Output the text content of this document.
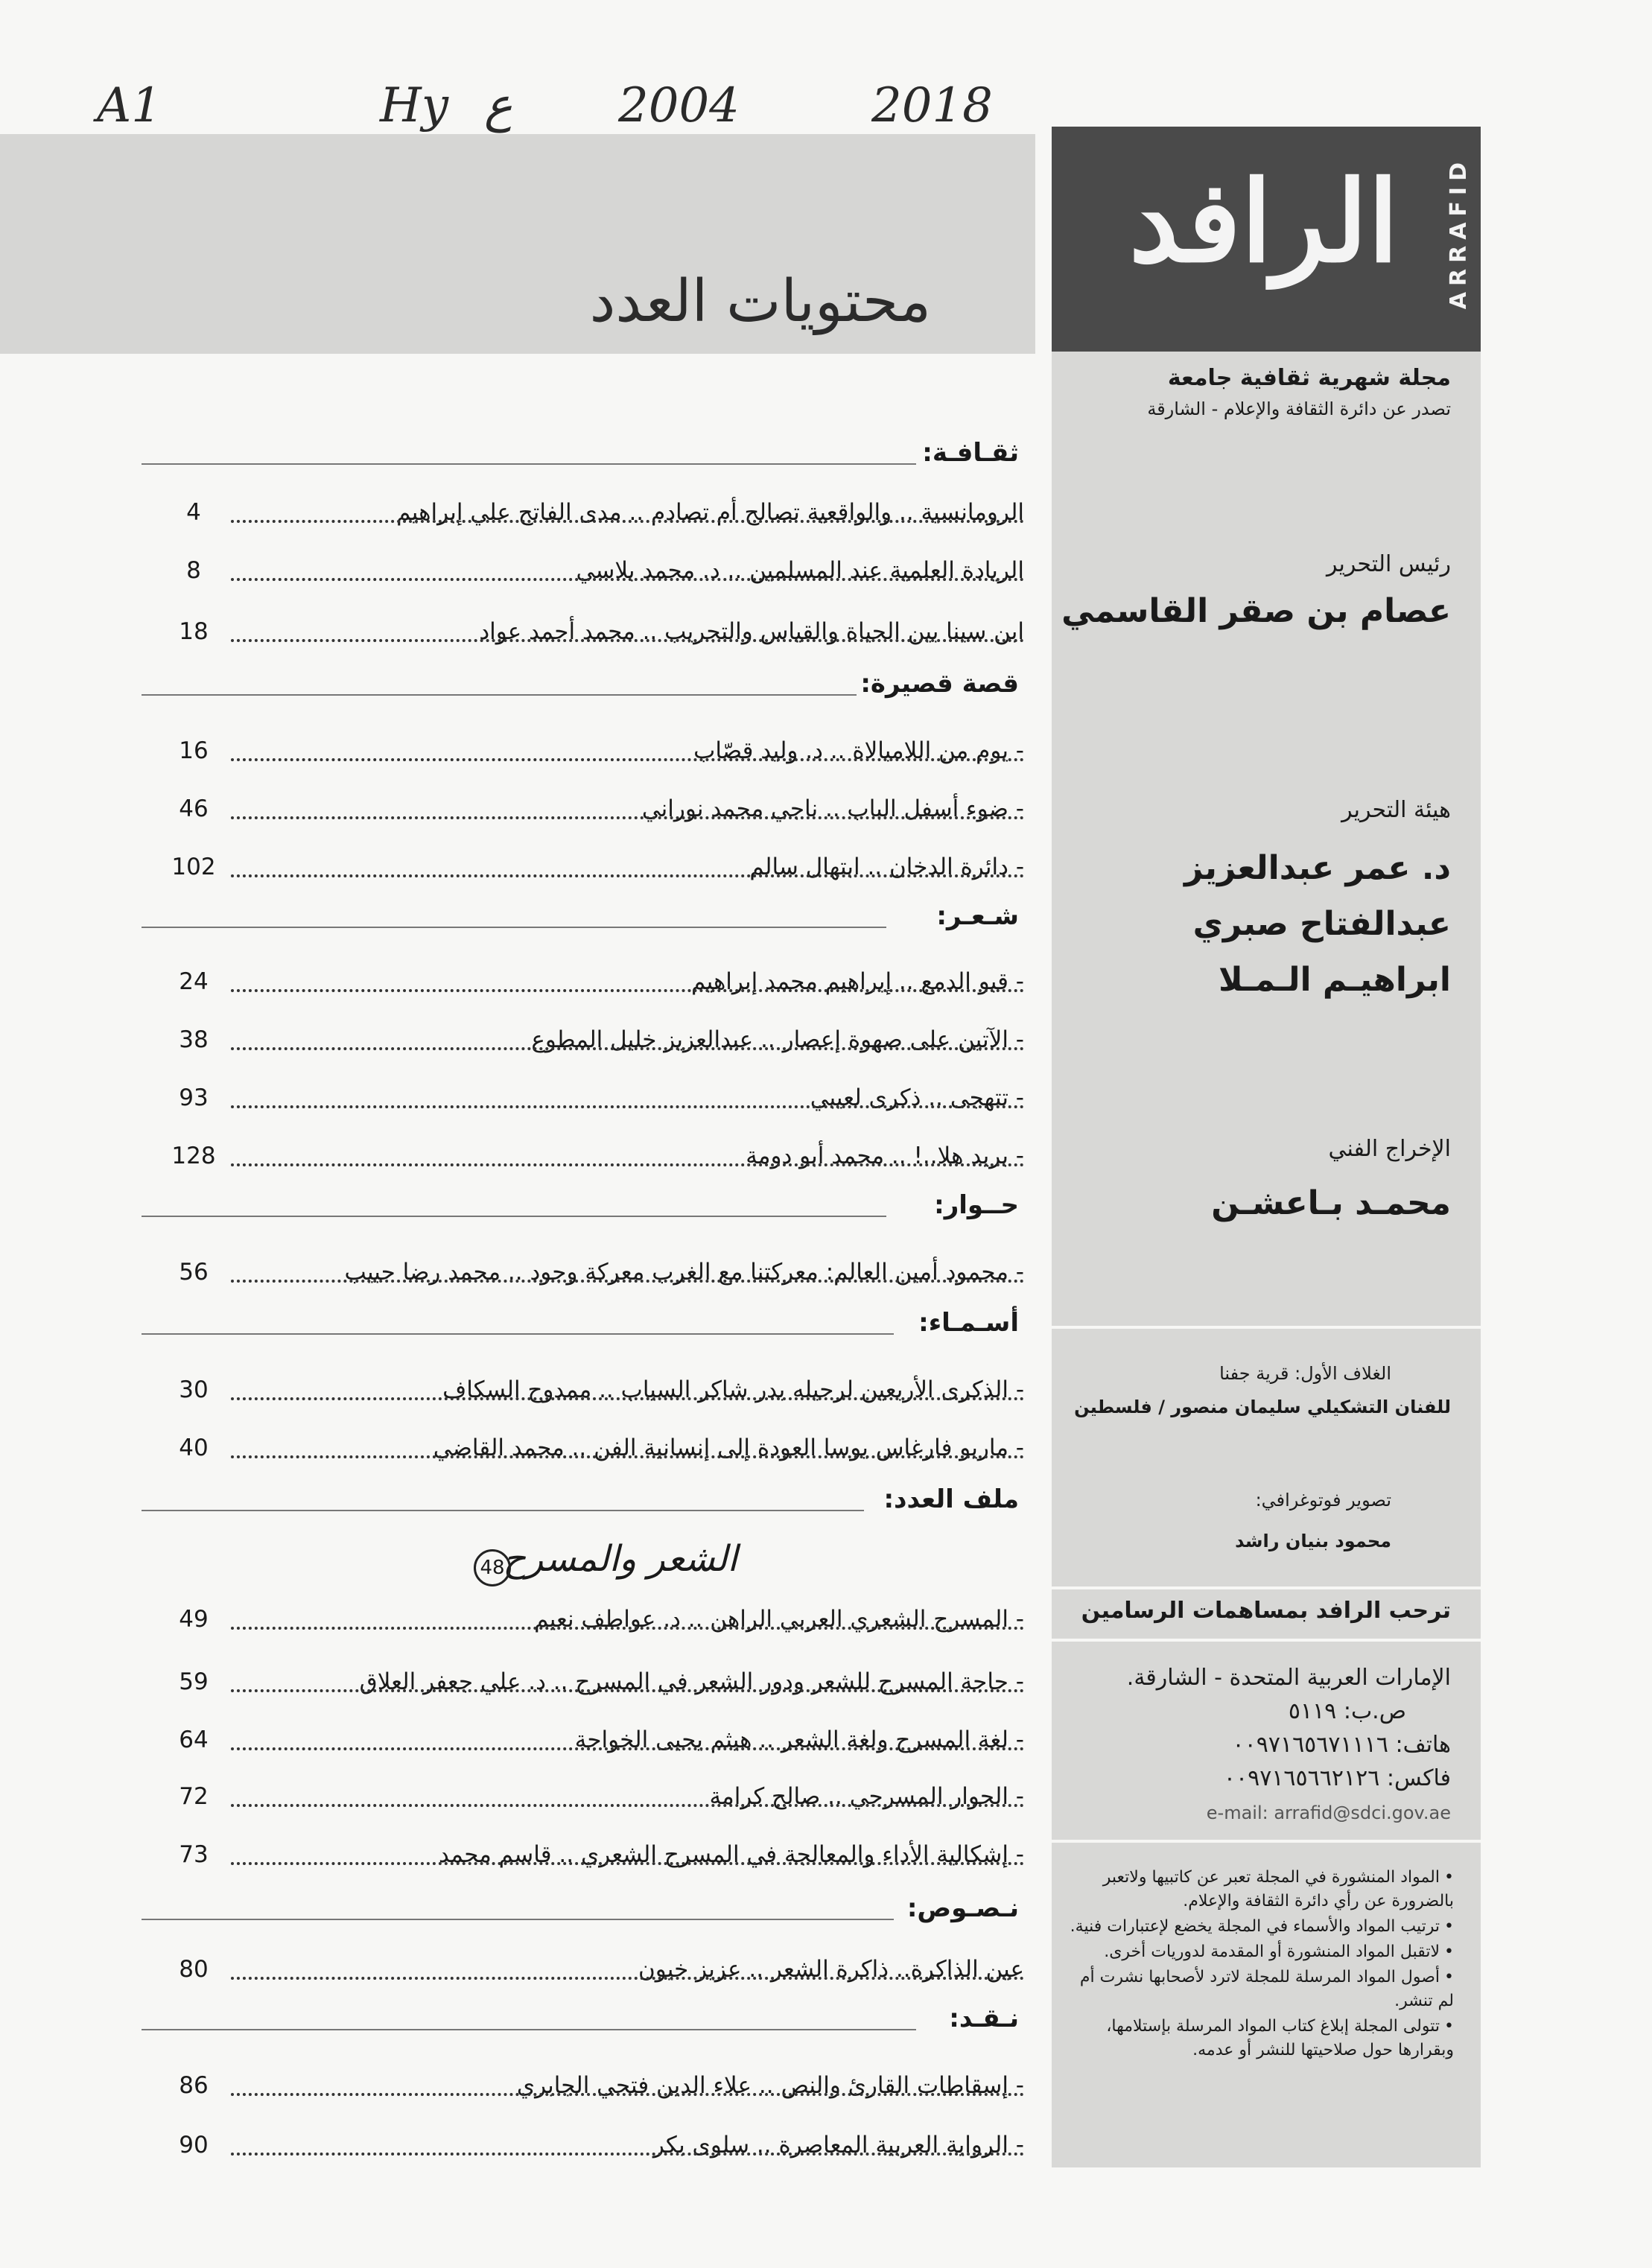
A1	Hy ع 2004	2018
محتويات العدد
الرافد ARRAFID
مجلة شهرية ثقافية جامعة
تصدر عن دائرة الثقافة والإعلام - الشارقة
رئيس التحرير
عصام بن صقر القاسمي
هيئة التحرير
د. عمر عبدالعزيز
عبدالفتاح صبري
ابراهيـم الـمـلا
الإخراج الفني
محمـد بـاعشـن
الغلاف الأول: قرية جفنا
للفنان التشكيلي سليمان منصور / فلسطين
تصوير فوتوغرافي:
محمود بنيان راشد
ترحب الرافد بمساهمات الرسامين
الإمارات العربية المتحدة - الشارقة.
ص.ب: ٥١١٩
هاتف: ٠٠٩٧١٦٥٦٧١١١٦
فاكس: ٠٠٩٧١٦٥٦٦٢١٢٦
e-mail: arrafid@sdci.gov.ae
• المواد المنشورة في المجلة تعبر عن كاتبيها ولاتعبر بالضرورة عن رأي دائرة الثقافة والإعلام.
• ترتيب المواد والأسماء في المجلة يخضع لإعتبارات فنية.
• لاتقبل المواد المنشورة أو المقدمة لدوريات أخرى.
• أصول المواد المرسلة للمجلة لاترد لأصحابها نشرت أم لم تنشر.
• تتولى المجلة إبلاغ كتاب المواد المرسلة بإستلامها، وبقرارها حول صلاحيتها للنشر أو عدمه.
ثقـافـة:
الرومانسية .. والواقعية تصالح أم تصادم .. مدى الفاتح علي إبراهيم
4
الريادة العلمية عند المسلمين .. د. محمد بلاسي
8
ابن سينا بين الحياة والقياس والتجريب .. محمد أحمد عواد
18
قصة قصيرة:
- يوم من اللامبالاة .. د. وليد قصّاب
16
- ضوء أسفل الباب .. ناجي محمد نوراني
46
- دائرة الدخان .. ابتهال سالم
102
شـعـر:
- قبو الدمع .. إبراهيم محمد إبراهيم
24
- الآتين على صهوة إعصار .. عبدالعزيز خليل المطوع
38
- تتهجى .. ذكرى لعيبي
93
- بريد هلا..! .. محمد أبو دومة
128
حــوار:
- محمود أمين العالم: معركتنا مع الغرب معركة وجود .. محمد رضا حبيب
56
أسـمـاء:
- الذكرى الأربعين لرحيله بدر شاكر السياب .. ممدوح السكاف
30
- ماريو فارغاس يوسا العودة إلى إنسانية الفن .. محمد القاضي
40
ملف العدد:
الشعر والمسرح
48
- المسرح الشعري العربي الراهن .. د. عواطف نعيم
49
- حاجة المسرح للشعر ودور الشعر في المسرح .. د. علي جعفر العلاق
59
- لغة المسرح ولغة الشعر .. هيثم يحيى الخواجة
64
- الحوار المسرحي .. صالح كرامة
72
- إشكالية الأداء والمعالجة في المسرح الشعري .. قاسم محمد
73
نـصـوص:
عين الذاكرة.. ذاكرة الشعر .. عزيز خيون
80
نـقـد:
- إسقاطات القارئ والنص .. علاء الدين فتحي الجابري
86
- الرواية العربية المعاصرة .. سلوى بكر
90
